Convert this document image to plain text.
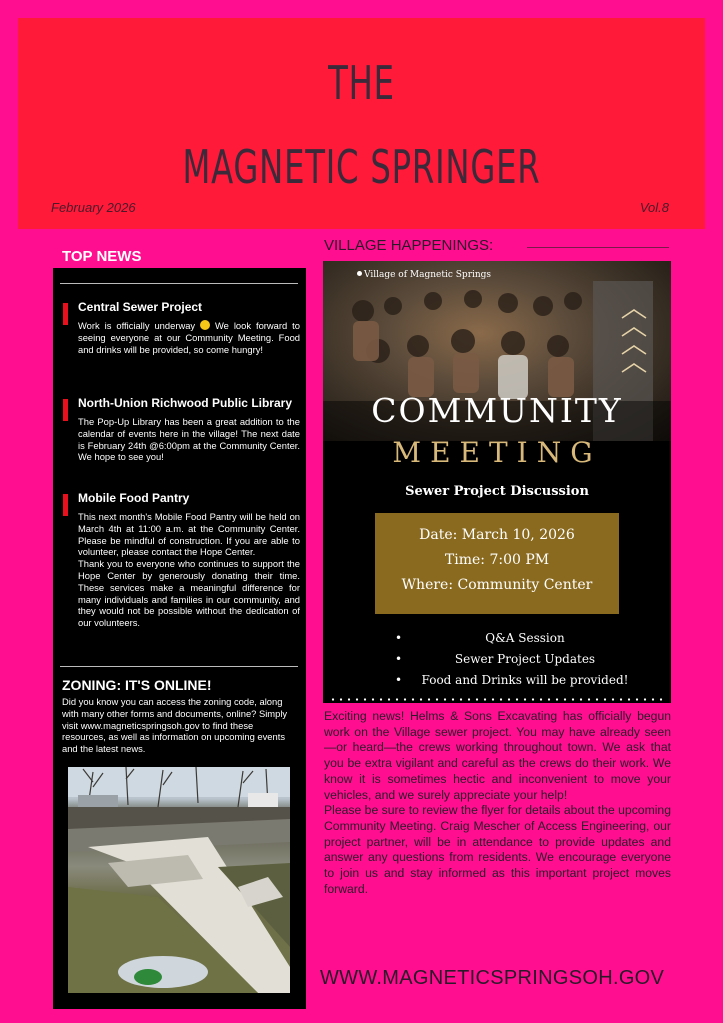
THE
MAGNETIC SPRINGER
February 2026	Vol.8
TOP NEWS
Central Sewer Project

Work is officially underway  We look forward to seeing everyone at our Community Meeting. Food and drinks will be provided, so come hungry!

North-Union Richwood Public Library

The Pop-Up Library has been a great addition to the calendar of events here in the village! The next date is February 24th @6:00pm at the Community Center. We hope to see you!

Mobile Food Pantry

This next month's Mobile Food Pantry will be held on March 4th at 11:00 a.m. at the Community Center. Please be mindful of construction. If you are able to volunteer, please contact the Hope Center.

Thank you to everyone who continues to support the Hope Center by generously donating their time. These services make a meaningful difference for many individuals and families in our community, and they would not be possible without the dedication of our volunteers.

ZONING: IT'S ONLINE!
Did you know you can access the zoning code, along with many other forms and documents, online? Simply visit www.magneticspringsoh.gov to find these resources, as well as information on upcoming events and the latest news.
VILLAGE HAPPENINGS:
Village of Magnetic Springs
COMMUNITY
MEETING
Sewer Project Discussion
Date: March 10, 2026
Time: 7:00 PM
Where: Community Center
• Q&A Session
• Sewer Project Updates
• Food and Drinks will be provided!

Exciting news! Helms & Sons Excavating has officially begun work on the Village sewer project. You may have already seen—or heard—the crews working throughout town. We ask that you be extra vigilant and careful as the crews do their work. We know it is sometimes hectic and inconvenient to move your vehicles, and we surely appreciate your help!

Please be sure to review the flyer for details about the upcoming Community Meeting. Craig Mescher of Access Engineering, our project partner, will be in attendance to provide updates and answer any questions from residents. We encourage everyone to join us and stay informed as this important project moves forward.

WWW.MAGNETICSPRINGSOH.GOV
